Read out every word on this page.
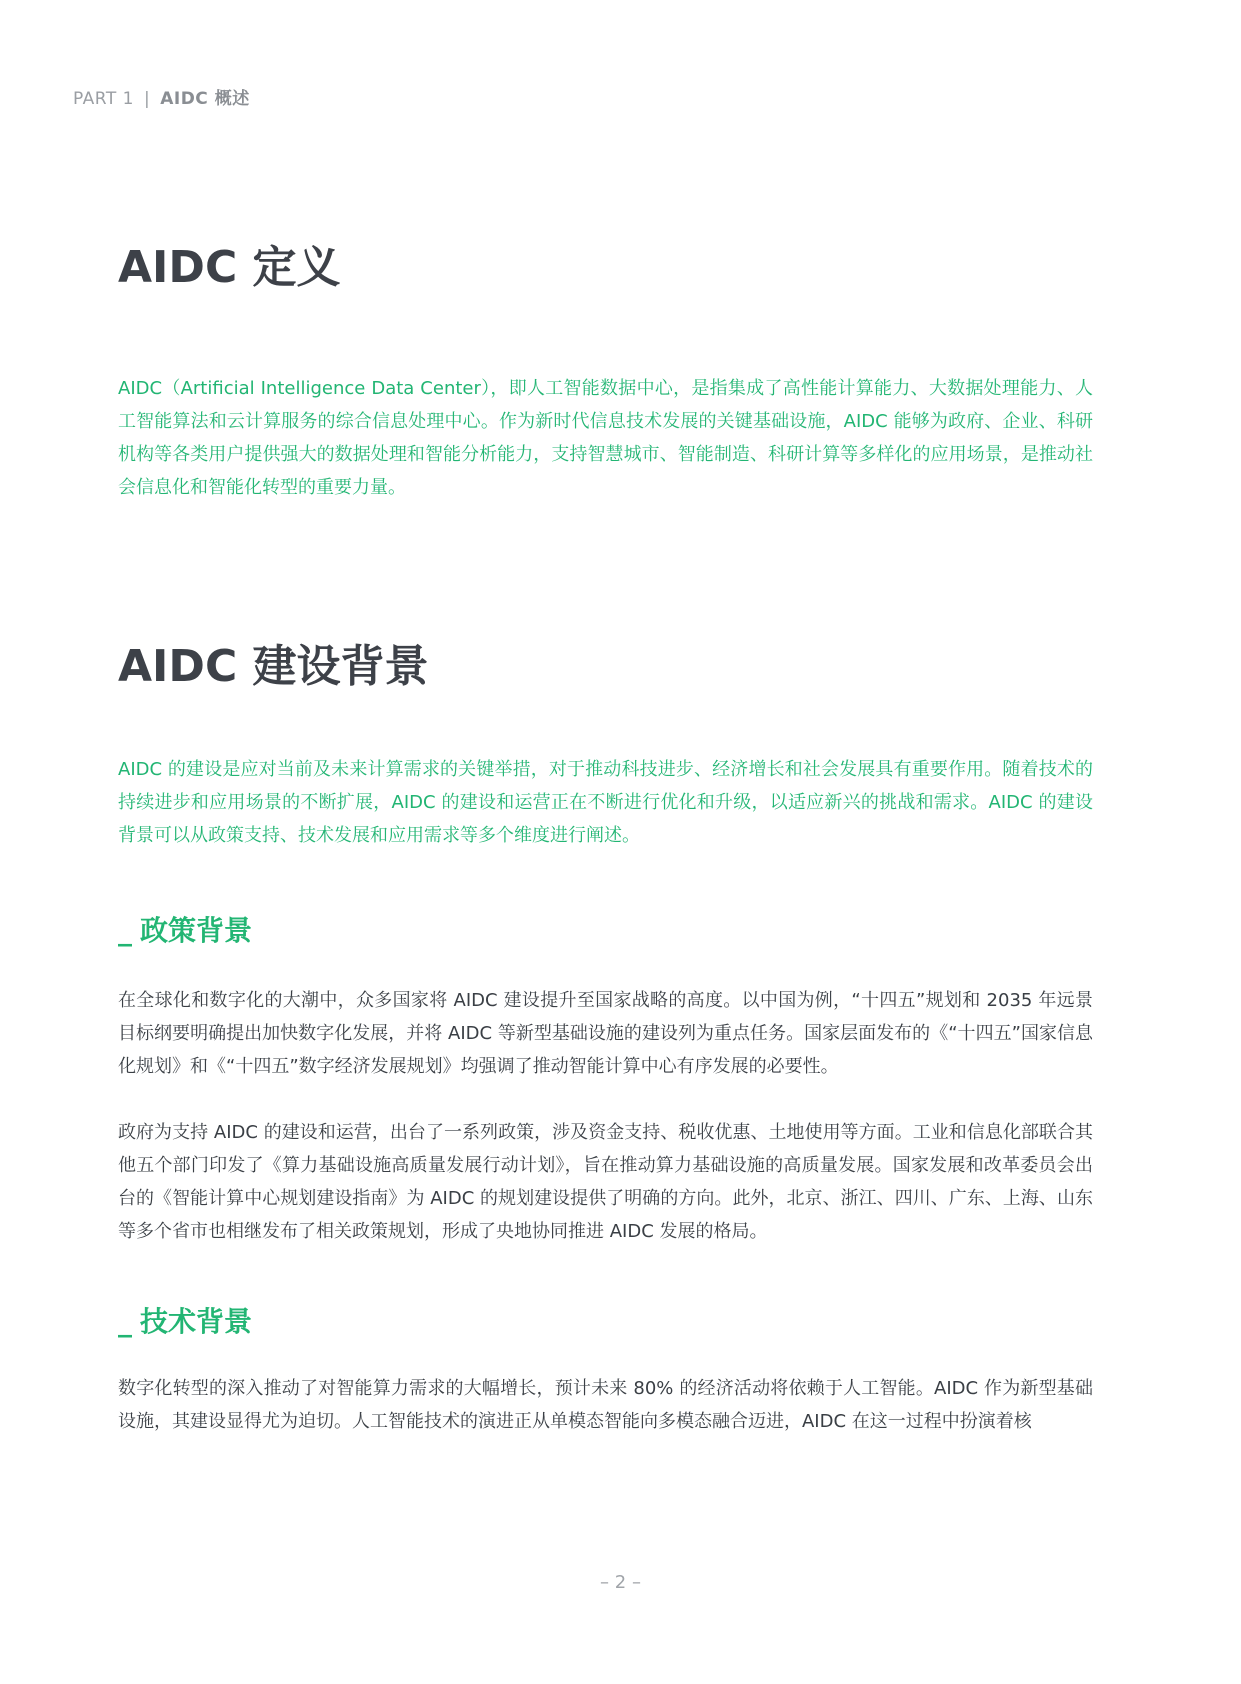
PART 1 | AIDC 概述
AIDC 定义

AIDC（Artificial Intelligence Data Center），即人工智能数据中心，是指集成了高性能计算能力、大数据处理能力、人工智能算法和云计算服务的综合信息处理中心。作为新时代信息技术发展的关键基础设施，AIDC 能够为政府、企业、科研机构等各类用户提供强大的数据处理和智能分析能力，支持智慧城市、智能制造、科研计算等多样化的应用场景，是推动社会信息化和智能化转型的重要力量。

AIDC 建设背景

AIDC 的建设是应对当前及未来计算需求的关键举措，对于推动科技进步、经济增长和社会发展具有重要作用。随着技术的持续进步和应用场景的不断扩展，AIDC 的建设和运营正在不断进行优化和升级，以适应新兴的挑战和需求。AIDC 的建设背景可以从政策支持、技术发展和应用需求等多个维度进行阐述。

_ 政策背景

在全球化和数字化的大潮中，众多国家将 AIDC 建设提升至国家战略的高度。以中国为例，“十四五”规划和 2035 年远景目标纲要明确提出加快数字化发展，并将 AIDC 等新型基础设施的建设列为重点任务。国家层面发布的《“十四五”国家信息化规划》和《“十四五”数字经济发展规划》均强调了推动智能计算中心有序发展的必要性。

政府为支持 AIDC 的建设和运营，出台了一系列政策，涉及资金支持、税收优惠、土地使用等方面。工业和信息化部联合其他五个部门印发了《算力基础设施高质量发展行动计划》，旨在推动算力基础设施的高质量发展。国家发展和改革委员会出台的《智能计算中心规划建设指南》为 AIDC 的规划建设提供了明确的方向。此外，北京、浙江、四川、广东、上海、山东等多个省市也相继发布了相关政策规划，形成了央地协同推进 AIDC 发展的格局。

_ 技术背景

数字化转型的深入推动了对智能算力需求的大幅增长，预计未来 80% 的经济活动将依赖于人工智能。AIDC 作为新型基础设施，其建设显得尤为迫切。人工智能技术的演进正从单模态智能向多模态融合迈进，AIDC 在这一过程中扮演着核

– 2 –
